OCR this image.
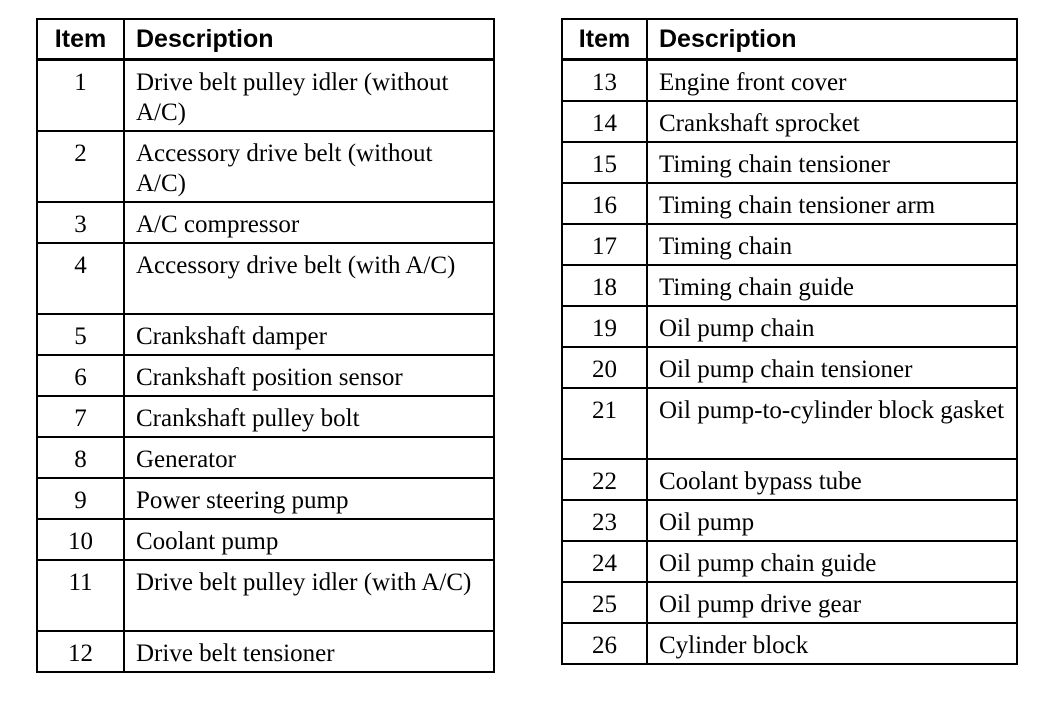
Item	Description
1	Drive belt pulley idler (without A/C)
2	Accessory drive belt (without A/C)
3	A/C compressor
4	Accessory drive belt (with A/C)
5	Crankshaft damper
6	Crankshaft position sensor
7	Crankshaft pulley bolt
8	Generator
9	Power steering pump
10	Coolant pump
11	Drive belt pulley idler (with A/C)
12	Drive belt tensioner
Item	Description
13	Engine front cover
14	Crankshaft sprocket
15	Timing chain tensioner
16	Timing chain tensioner arm
17	Timing chain
18	Timing chain guide
19	Oil pump chain
20	Oil pump chain tensioner
21	Oil pump-to-cylinder block gasket
22	Coolant bypass tube
23	Oil pump
24	Oil pump chain guide
25	Oil pump drive gear
26	Cylinder block
